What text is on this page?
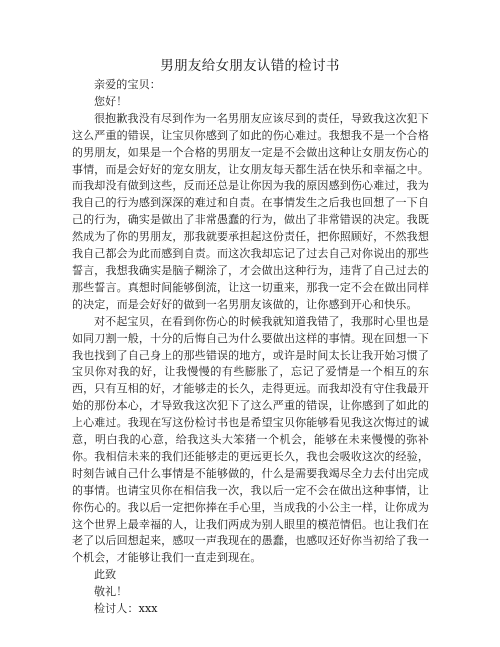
男朋友给女朋友认错的检讨书

亲爱的宝贝：

您好！

很抱歉我没有尽到作为一名男朋友应该尽到的责任，导致我这次犯下这么严重的错误，让宝贝你感到了如此的伤心难过。我想我不是一个合格的男朋友，如果是一个合格的男朋友一定是不会做出这种让女朋友伤心的事情，而是会好好的宠女朋友，让女朋友每天都生活在快乐和幸福之中。而我却没有做到这些，反而还总是让你因为我的原因感到伤心难过，我为我自己的行为感到深深的难过和自责。在事情发生之后我也回想了一下自己的行为，确实是做出了非常愚蠢的行为，做出了非常错误的决定。我既然成为了你的男朋友，那我就要承担起这份责任，把你照顾好，不然我想我自己都会为此而感到自责。而这次我却忘记了过去自己对你说出的那些誓言，我想我确实是脑子糊涂了，才会做出这种行为，违背了自己过去的那些誓言。真想时间能够倒流，让这一切重来，那我一定不会在做出同样的决定，而是会好好的做到一名男朋友该做的，让你感到开心和快乐。

对不起宝贝，在看到你伤心的时候我就知道我错了，我那时心里也是如同刀割一般，十分的后悔自己为什么要做出这样的事情。现在回想一下我也找到了自己身上的那些错误的地方，或许是时间太长让我开始习惯了宝贝你对我的好，让我慢慢的有些膨胀了，忘记了爱情是一个相互的东西，只有互相的好，才能够走的长久，走得更远。而我却没有守住我最开始的那份本心，才导致我这次犯下了这么严重的错误，让你感到了如此的上心难过。我现在写这份检讨书也是希望宝贝你能够看见我这次悔过的诚意，明白我的心意，给我这头大笨猪一个机会，能够在未来慢慢的弥补你。我相信未来的我们还能够走的更远更长久，我也会吸收这次的经验，时刻告诫自己什么事情是不能够做的，什么是需要我竭尽全力去付出完成的事情。也请宝贝你在相信我一次，我以后一定不会在做出这种事情，让你伤心的。我以后一定把你捧在手心里，当成我的小公主一样，让你成为这个世界上最幸福的人，让我们两成为别人眼里的模范情侣。也让我们在老了以后回想起来，感叹一声我现在的愚蠢，也感叹还好你当初给了我一个机会，才能够让我们一直走到现在。

此致

敬礼！

检讨人：xxx
